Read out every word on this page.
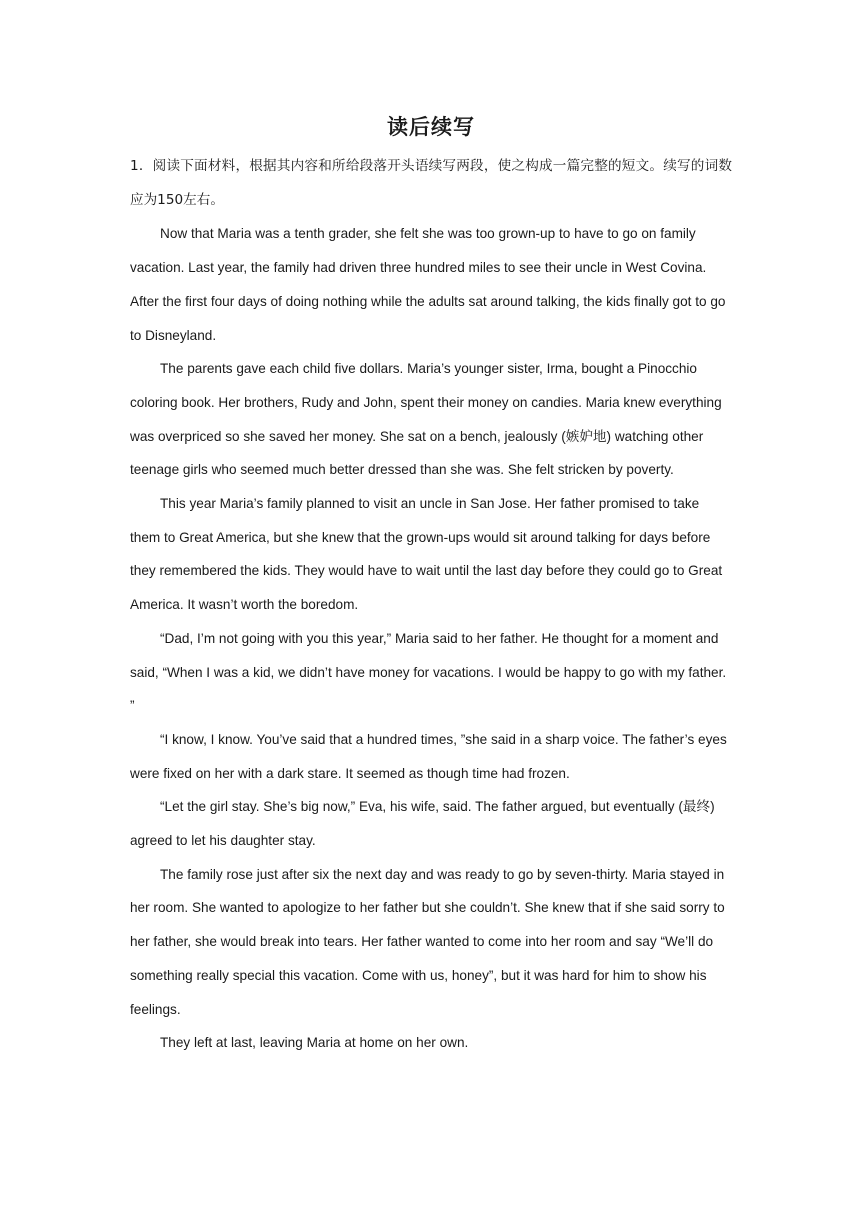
读后续写

1．阅读下面材料，根据其内容和所给段落开头语续写两段，使之构成一篇完整的短文。续写的词数应为150左右。

Now that Maria was a tenth grader, she felt she was too grown-up to have to go on family vacation. Last year, the family had driven three hundred miles to see their uncle in West Covina. After the first four days of doing nothing while the adults sat around talking, the kids finally got to go to Disneyland.

The parents gave each child five dollars. Maria’s younger sister, Irma, bought a Pinocchio coloring book. Her brothers, Rudy and John, spent their money on candies. Maria knew everything was overpriced so she saved her money. She sat on a bench, jealously (嫉妒地) watching other teenage girls who seemed much better dressed than she was. She felt stricken by poverty.

This year Maria’s family planned to visit an uncle in San Jose. Her father promised to take them to Great America, but she knew that the grown-ups would sit around talking for days before they remembered the kids. They would have to wait until the last day before they could go to Great America. It wasn’t worth the boredom.

“Dad, I’m not going with you this year,” Maria said to her father. He thought for a moment and said, “When I was a kid, we didn’t have money for vacations. I would be happy to go with my father. ”

“I know, I know. You’ve said that a hundred times, ”she said in a sharp voice. The father’s eyes were fixed on her with a dark stare. It seemed as though time had frozen.

“Let the girl stay. She’s big now,” Eva, his wife, said. The father argued, but eventually (最终) agreed to let his daughter stay.

The family rose just after six the next day and was ready to go by seven-thirty. Maria stayed in her room. She wanted to apologize to her father but she couldn’t. She knew that if she said sorry to her father, she would break into tears. Her father wanted to come into her room and say “We’ll do something really special this vacation. Come with us, honey”, but it was hard for him to show his feelings.

They left at last, leaving Maria at home on her own.
